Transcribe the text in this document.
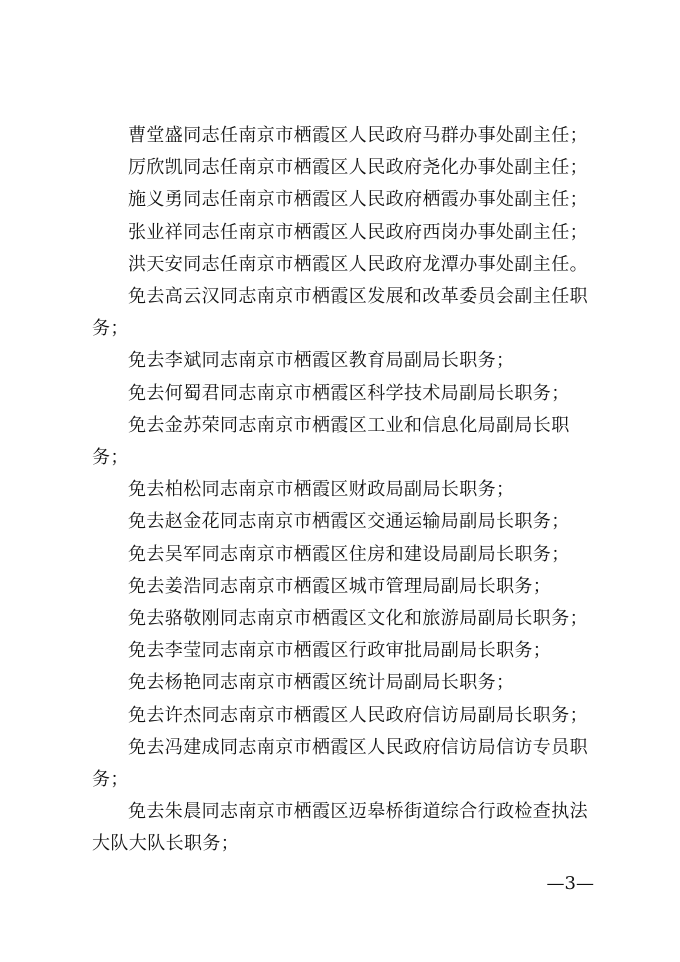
曹堂盛同志任南京市栖霞区人民政府马群办事处副主任；

厉欣凯同志任南京市栖霞区人民政府尧化办事处副主任；

施义勇同志任南京市栖霞区人民政府栖霞办事处副主任；

张业祥同志任南京市栖霞区人民政府西岗办事处副主任；

洪天安同志任南京市栖霞区人民政府龙潭办事处副主任。

免去高云汉同志南京市栖霞区发展和改革委员会副主任职务；

免去李斌同志南京市栖霞区教育局副局长职务；

免去何蜀君同志南京市栖霞区科学技术局副局长职务；

免去金苏荣同志南京市栖霞区工业和信息化局副局长职务；

免去柏松同志南京市栖霞区财政局副局长职务；

免去赵金花同志南京市栖霞区交通运输局副局长职务；

免去吴军同志南京市栖霞区住房和建设局副局长职务；

免去姜浩同志南京市栖霞区城市管理局副局长职务；

免去骆敬刚同志南京市栖霞区文化和旅游局副局长职务；

免去李莹同志南京市栖霞区行政审批局副局长职务；

免去杨艳同志南京市栖霞区统计局副局长职务；

免去许杰同志南京市栖霞区人民政府信访局副局长职务；

免去冯建成同志南京市栖霞区人民政府信访局信访专员职务；

免去朱晨同志南京市栖霞区迈皋桥街道综合行政检查执法大队大队长职务；

—3—
